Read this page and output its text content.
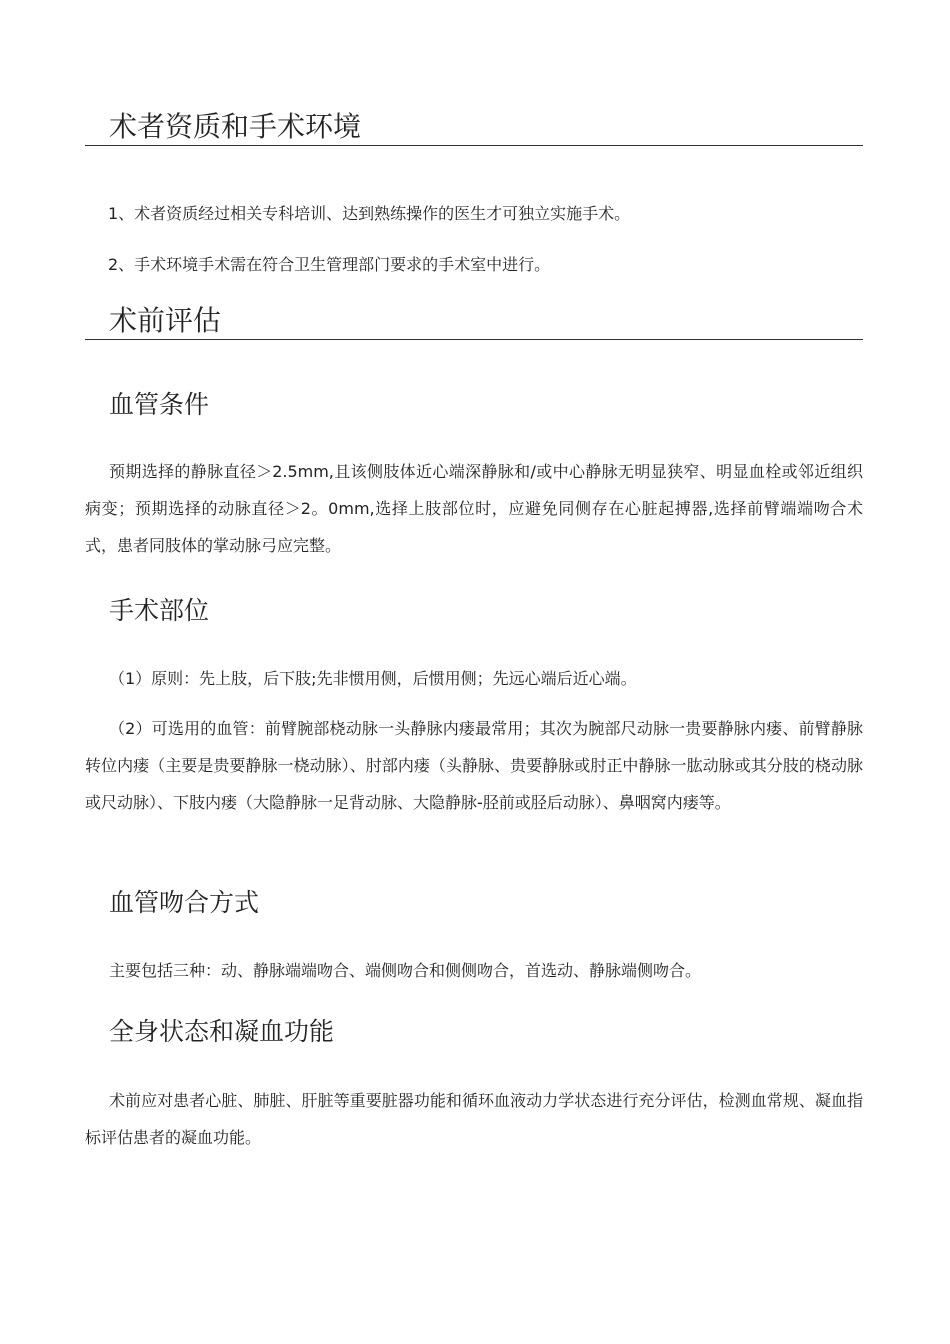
术者资质和手术环境

1、术者资质经过相关专科培训、达到熟练操作的医生才可独立实施手术。

2、手术环境手术需在符合卫生管理部门要求的手术室中进行。

术前评估
血管条件

预期选择的静脉直径＞2.5mm,且该侧肢体近心端深静脉和/或中心静脉无明显狭窄、明显血栓或邻近组织病变；预期选择的动脉直径＞2。0mm,选择上肢部位时，应避免同侧存在心脏起搏器,选择前臂端端吻合术式，患者同肢体的掌动脉弓应完整。

手术部位

（1）原则：先上肢，后下肢;先非惯用侧，后惯用侧；先远心端后近心端。

（2）可选用的血管：前臂腕部桡动脉一头静脉内瘘最常用；其次为腕部尺动脉一贵要静脉内瘘、前臂静脉转位内瘘（主要是贵要静脉一桡动脉）、肘部内瘘（头静脉、贵要静脉或肘正中静脉一肱动脉或其分肢的桡动脉或尺动脉）、下肢内瘘（大隐静脉一足背动脉、大隐静脉-胫前或胫后动脉）、鼻咽窝内瘘等。

血管吻合方式

主要包括三种：动、静脉端端吻合、端侧吻合和侧侧吻合，首选动、静脉端侧吻合。

全身状态和凝血功能

术前应对患者心脏、肺脏、肝脏等重要脏器功能和循环血液动力学状态进行充分评估，检测血常规、凝血指标评估患者的凝血功能。
